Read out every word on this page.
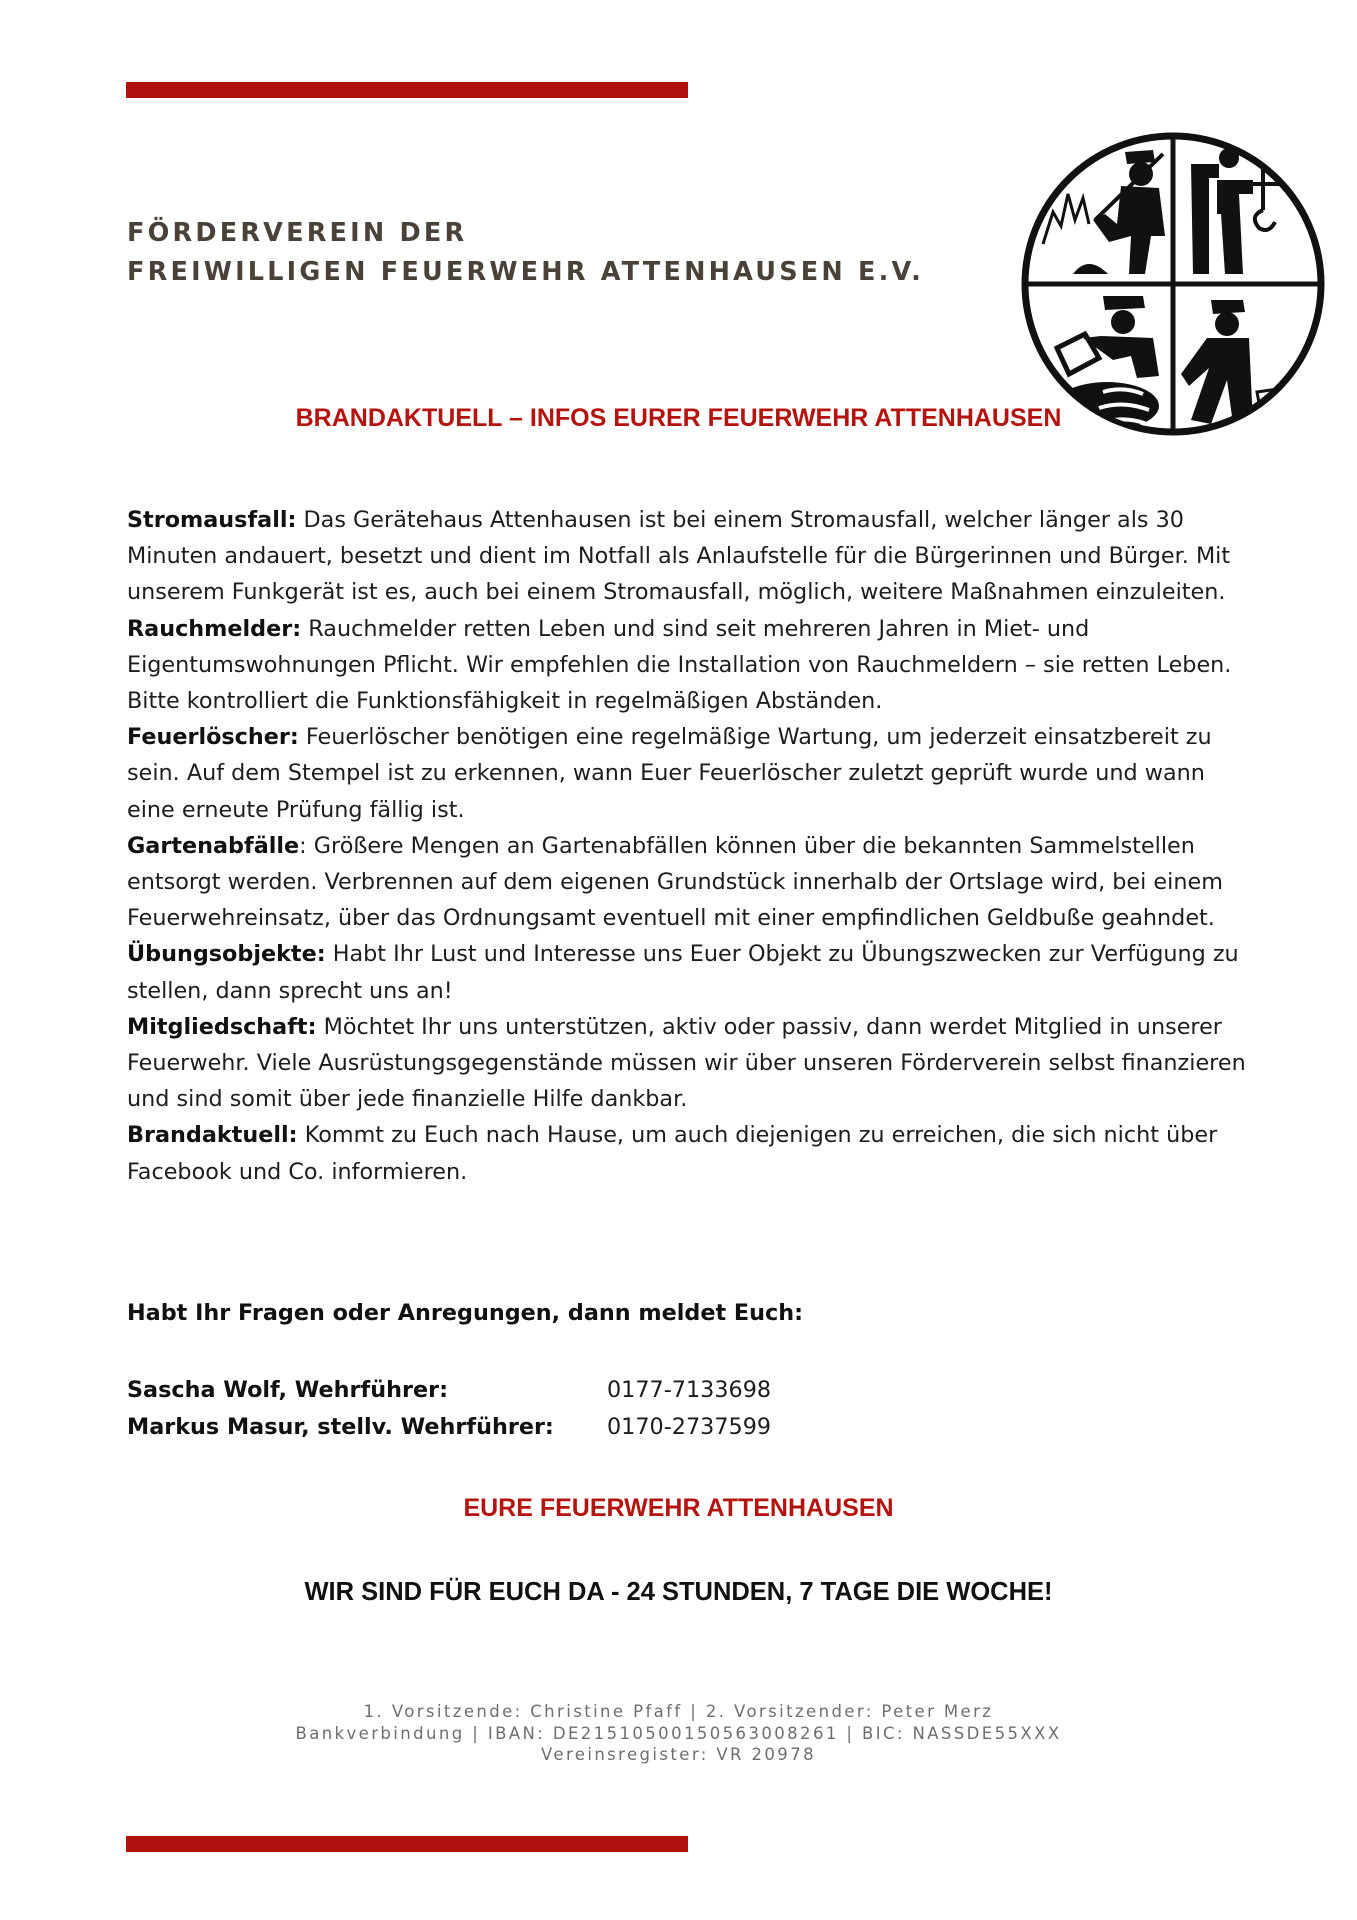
FÖRDERVEREIN DER
FREIWILLIGEN FEUERWEHR ATTENHAUSEN E.V.
BRANDAKTUELL – INFOS EURER FEUERWEHR ATTENHAUSEN

Stromausfall: Das Gerätehaus Attenhausen ist bei einem Stromausfall, welcher länger als 30 Minuten andauert, besetzt und dient im Notfall als Anlaufstelle für die Bürgerinnen und Bürger. Mit unserem Funkgerät ist es, auch bei einem Stromausfall, möglich, weitere Maßnahmen einzuleiten.

Rauchmelder: Rauchmelder retten Leben und sind seit mehreren Jahren in Miet- und Eigentumswohnungen Pflicht. Wir empfehlen die Installation von Rauchmeldern – sie retten Leben. Bitte kontrolliert die Funktionsfähigkeit in regelmäßigen Abständen.

Feuerlöscher: Feuerlöscher benötigen eine regelmäßige Wartung, um jederzeit einsatzbereit zu sein. Auf dem Stempel ist zu erkennen, wann Euer Feuerlöscher zuletzt geprüft wurde und wann eine erneute Prüfung fällig ist.

Gartenabfälle: Größere Mengen an Gartenabfällen können über die bekannten Sammelstellen entsorgt werden. Verbrennen auf dem eigenen Grundstück innerhalb der Ortslage wird, bei einem Feuerwehreinsatz, über das Ordnungsamt eventuell mit einer empfindlichen Geldbuße geahndet.

Übungsobjekte: Habt Ihr Lust und Interesse uns Euer Objekt zu Übungszwecken zur Verfügung zu stellen, dann sprecht uns an!

Mitgliedschaft: Möchtet Ihr uns unterstützen, aktiv oder passiv, dann werdet Mitglied in unserer Feuerwehr. Viele Ausrüstungsgegenstände müssen wir über unseren Förderverein selbst finanzieren und sind somit über jede finanzielle Hilfe dankbar.

Brandaktuell: Kommt zu Euch nach Hause, um auch diejenigen zu erreichen, die sich nicht über Facebook und Co. informieren.

Habt Ihr Fragen oder Anregungen, dann meldet Euch:
Sascha Wolf, Wehrführer:	0177-7133698
Markus Masur, stellv. Wehrführer: 0170-2737599
EURE FEUERWEHR ATTENHAUSEN
WIR SIND FÜR EUCH DA - 24 STUNDEN, 7 TAGE DIE WOCHE!
1. Vorsitzende: Christine Pfaff | 2. Vorsitzender: Peter Merz
Bankverbindung | IBAN: DE21510500150563008261 | BIC: NASSDE55XXX
Vereinsregister: VR 20978
